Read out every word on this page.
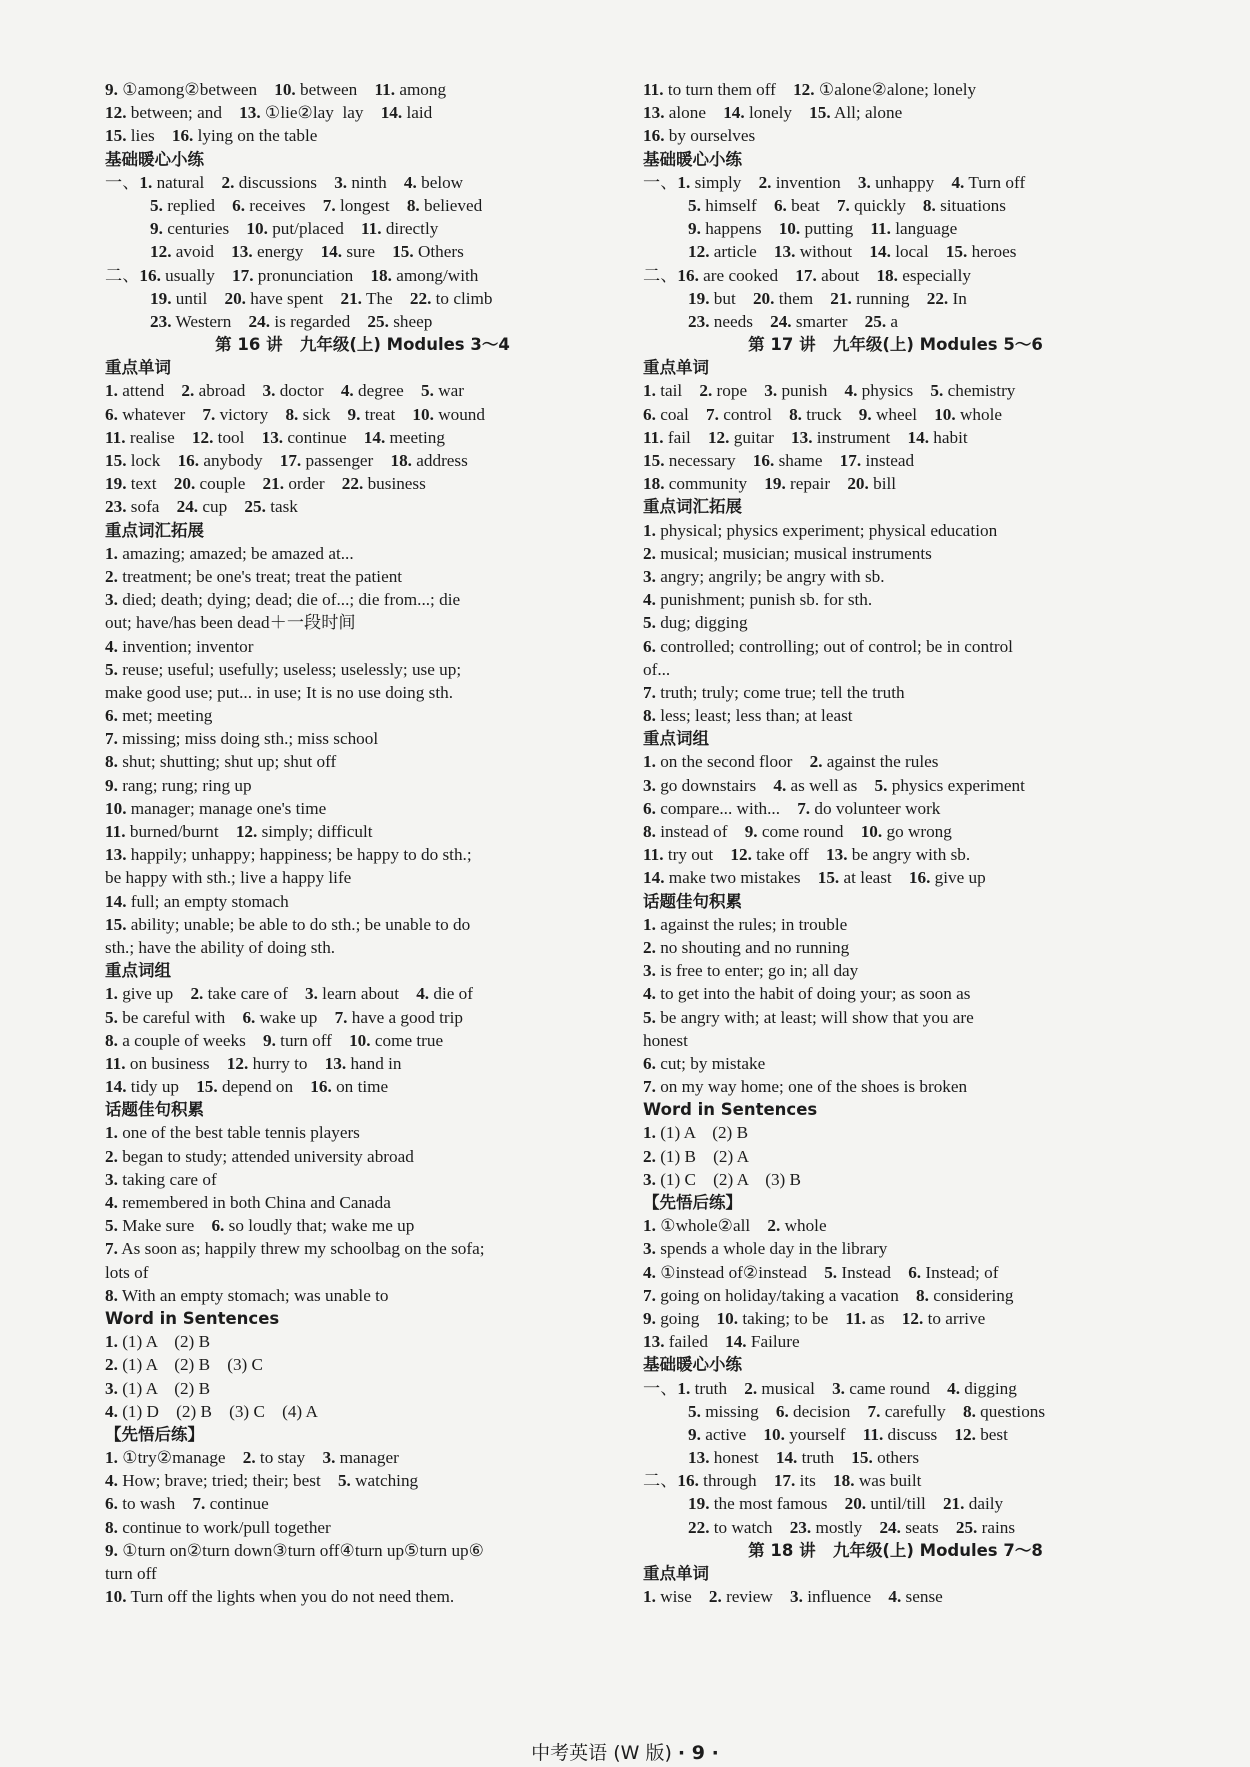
9. ①among②between    10. between    11. among
12. between; and    13. ①lie②lay  lay    14. laid
15. lies    16. lying on the table
基础暖心小练
一、1. natural    2. discussions    3. ninth    4. below
5. replied    6. receives    7. longest    8. believed
9. centuries    10. put/placed    11. directly
12. avoid    13. energy    14. sure    15. Others
二、16. usually    17. pronunciation    18. among/with
19. until    20. have spent    21. The    22. to climb
23. Western    24. is regarded    25. sheep
第 16 讲   九年级(上) Modules 3～4
重点单词
1. attend    2. abroad    3. doctor    4. degree    5. war
6. whatever    7. victory    8. sick    9. treat    10. wound
11. realise    12. tool    13. continue    14. meeting
15. lock    16. anybody    17. passenger    18. address
19. text    20. couple    21. order    22. business
23. sofa    24. cup    25. task
重点词汇拓展
1. amazing; amazed; be amazed at...
2. treatment; be one's treat; treat the patient
3. died; death; dying; dead; die of...; die from...; die
out; have/has been dead＋一段时间
4. invention; inventor
5. reuse; useful; usefully; useless; uselessly; use up;
make good use; put... in use; It is no use doing sth.
6. met; meeting
7. missing; miss doing sth.; miss school
8. shut; shutting; shut up; shut off
9. rang; rung; ring up
10. manager; manage one's time
11. burned/burnt    12. simply; difficult
13. happily; unhappy; happiness; be happy to do sth.;
be happy with sth.; live a happy life
14. full; an empty stomach
15. ability; unable; be able to do sth.; be unable to do
sth.; have the ability of doing sth.
重点词组
1. give up    2. take care of    3. learn about    4. die of
5. be careful with    6. wake up    7. have a good trip
8. a couple of weeks    9. turn off    10. come true
11. on business    12. hurry to    13. hand in
14. tidy up    15. depend on    16. on time
话题佳句积累
1. one of the best table tennis players
2. began to study; attended university abroad
3. taking care of
4. remembered in both China and Canada
5. Make sure    6. so loudly that; wake me up
7. As soon as; happily threw my schoolbag on the sofa;
lots of
8. With an empty stomach; was unable to
Word in Sentences
1. (1) A    (2) B
2. (1) A    (2) B    (3) C
3. (1) A    (2) B
4. (1) D    (2) B    (3) C    (4) A
【先悟后练】
1. ①try②manage    2. to stay    3. manager
4. How; brave; tried; their; best    5. watching
6. to wash    7. continue
8. continue to work/pull together
9. ①turn on②turn down③turn off④turn up⑤turn up⑥
turn off
10. Turn off the lights when you do not need them.
11. to turn them off    12. ①alone②alone; lonely
13. alone    14. lonely    15. All; alone
16. by ourselves
基础暖心小练
一、1. simply    2. invention    3. unhappy    4. Turn off
5. himself    6. beat    7. quickly    8. situations
9. happens    10. putting    11. language
12. article    13. without    14. local    15. heroes
二、16. are cooked    17. about    18. especially
19. but    20. them    21. running    22. In
23. needs    24. smarter    25. a
第 17 讲   九年级(上) Modules 5～6
重点单词
1. tail    2. rope    3. punish    4. physics    5. chemistry
6. coal    7. control    8. truck    9. wheel    10. whole
11. fail    12. guitar    13. instrument    14. habit
15. necessary    16. shame    17. instead
18. community    19. repair    20. bill
重点词汇拓展
1. physical; physics experiment; physical education
2. musical; musician; musical instruments
3. angry; angrily; be angry with sb.
4. punishment; punish sb. for sth.
5. dug; digging
6. controlled; controlling; out of control; be in control
of...
7. truth; truly; come true; tell the truth
8. less; least; less than; at least
重点词组
1. on the second floor    2. against the rules
3. go downstairs    4. as well as    5. physics experiment
6. compare... with...    7. do volunteer work
8. instead of    9. come round    10. go wrong
11. try out    12. take off    13. be angry with sb.
14. make two mistakes    15. at least    16. give up
话题佳句积累
1. against the rules; in trouble
2. no shouting and no running
3. is free to enter; go in; all day
4. to get into the habit of doing your; as soon as
5. be angry with; at least; will show that you are
honest
6. cut; by mistake
7. on my way home; one of the shoes is broken
Word in Sentences
1. (1) A    (2) B
2. (1) B    (2) A
3. (1) C    (2) A    (3) B
【先悟后练】
1. ①whole②all    2. whole
3. spends a whole day in the library
4. ①instead of②instead    5. Instead    6. Instead; of
7. going on holiday/taking a vacation    8. considering
9. going    10. taking; to be    11. as    12. to arrive
13. failed    14. Failure
基础暖心小练
一、1. truth    2. musical    3. came round    4. digging
5. missing    6. decision    7. carefully    8. questions
9. active    10. yourself    11. discuss    12. best
13. honest    14. truth    15. others
二、16. through    17. its    18. was built
19. the most famous    20. until/till    21. daily
22. to watch    23. mostly    24. seats    25. rains
第 18 讲   九年级(上) Modules 7～8
重点单词
1. wise    2. review    3. influence    4. sense
中考英语 (W 版) · 9 ·
